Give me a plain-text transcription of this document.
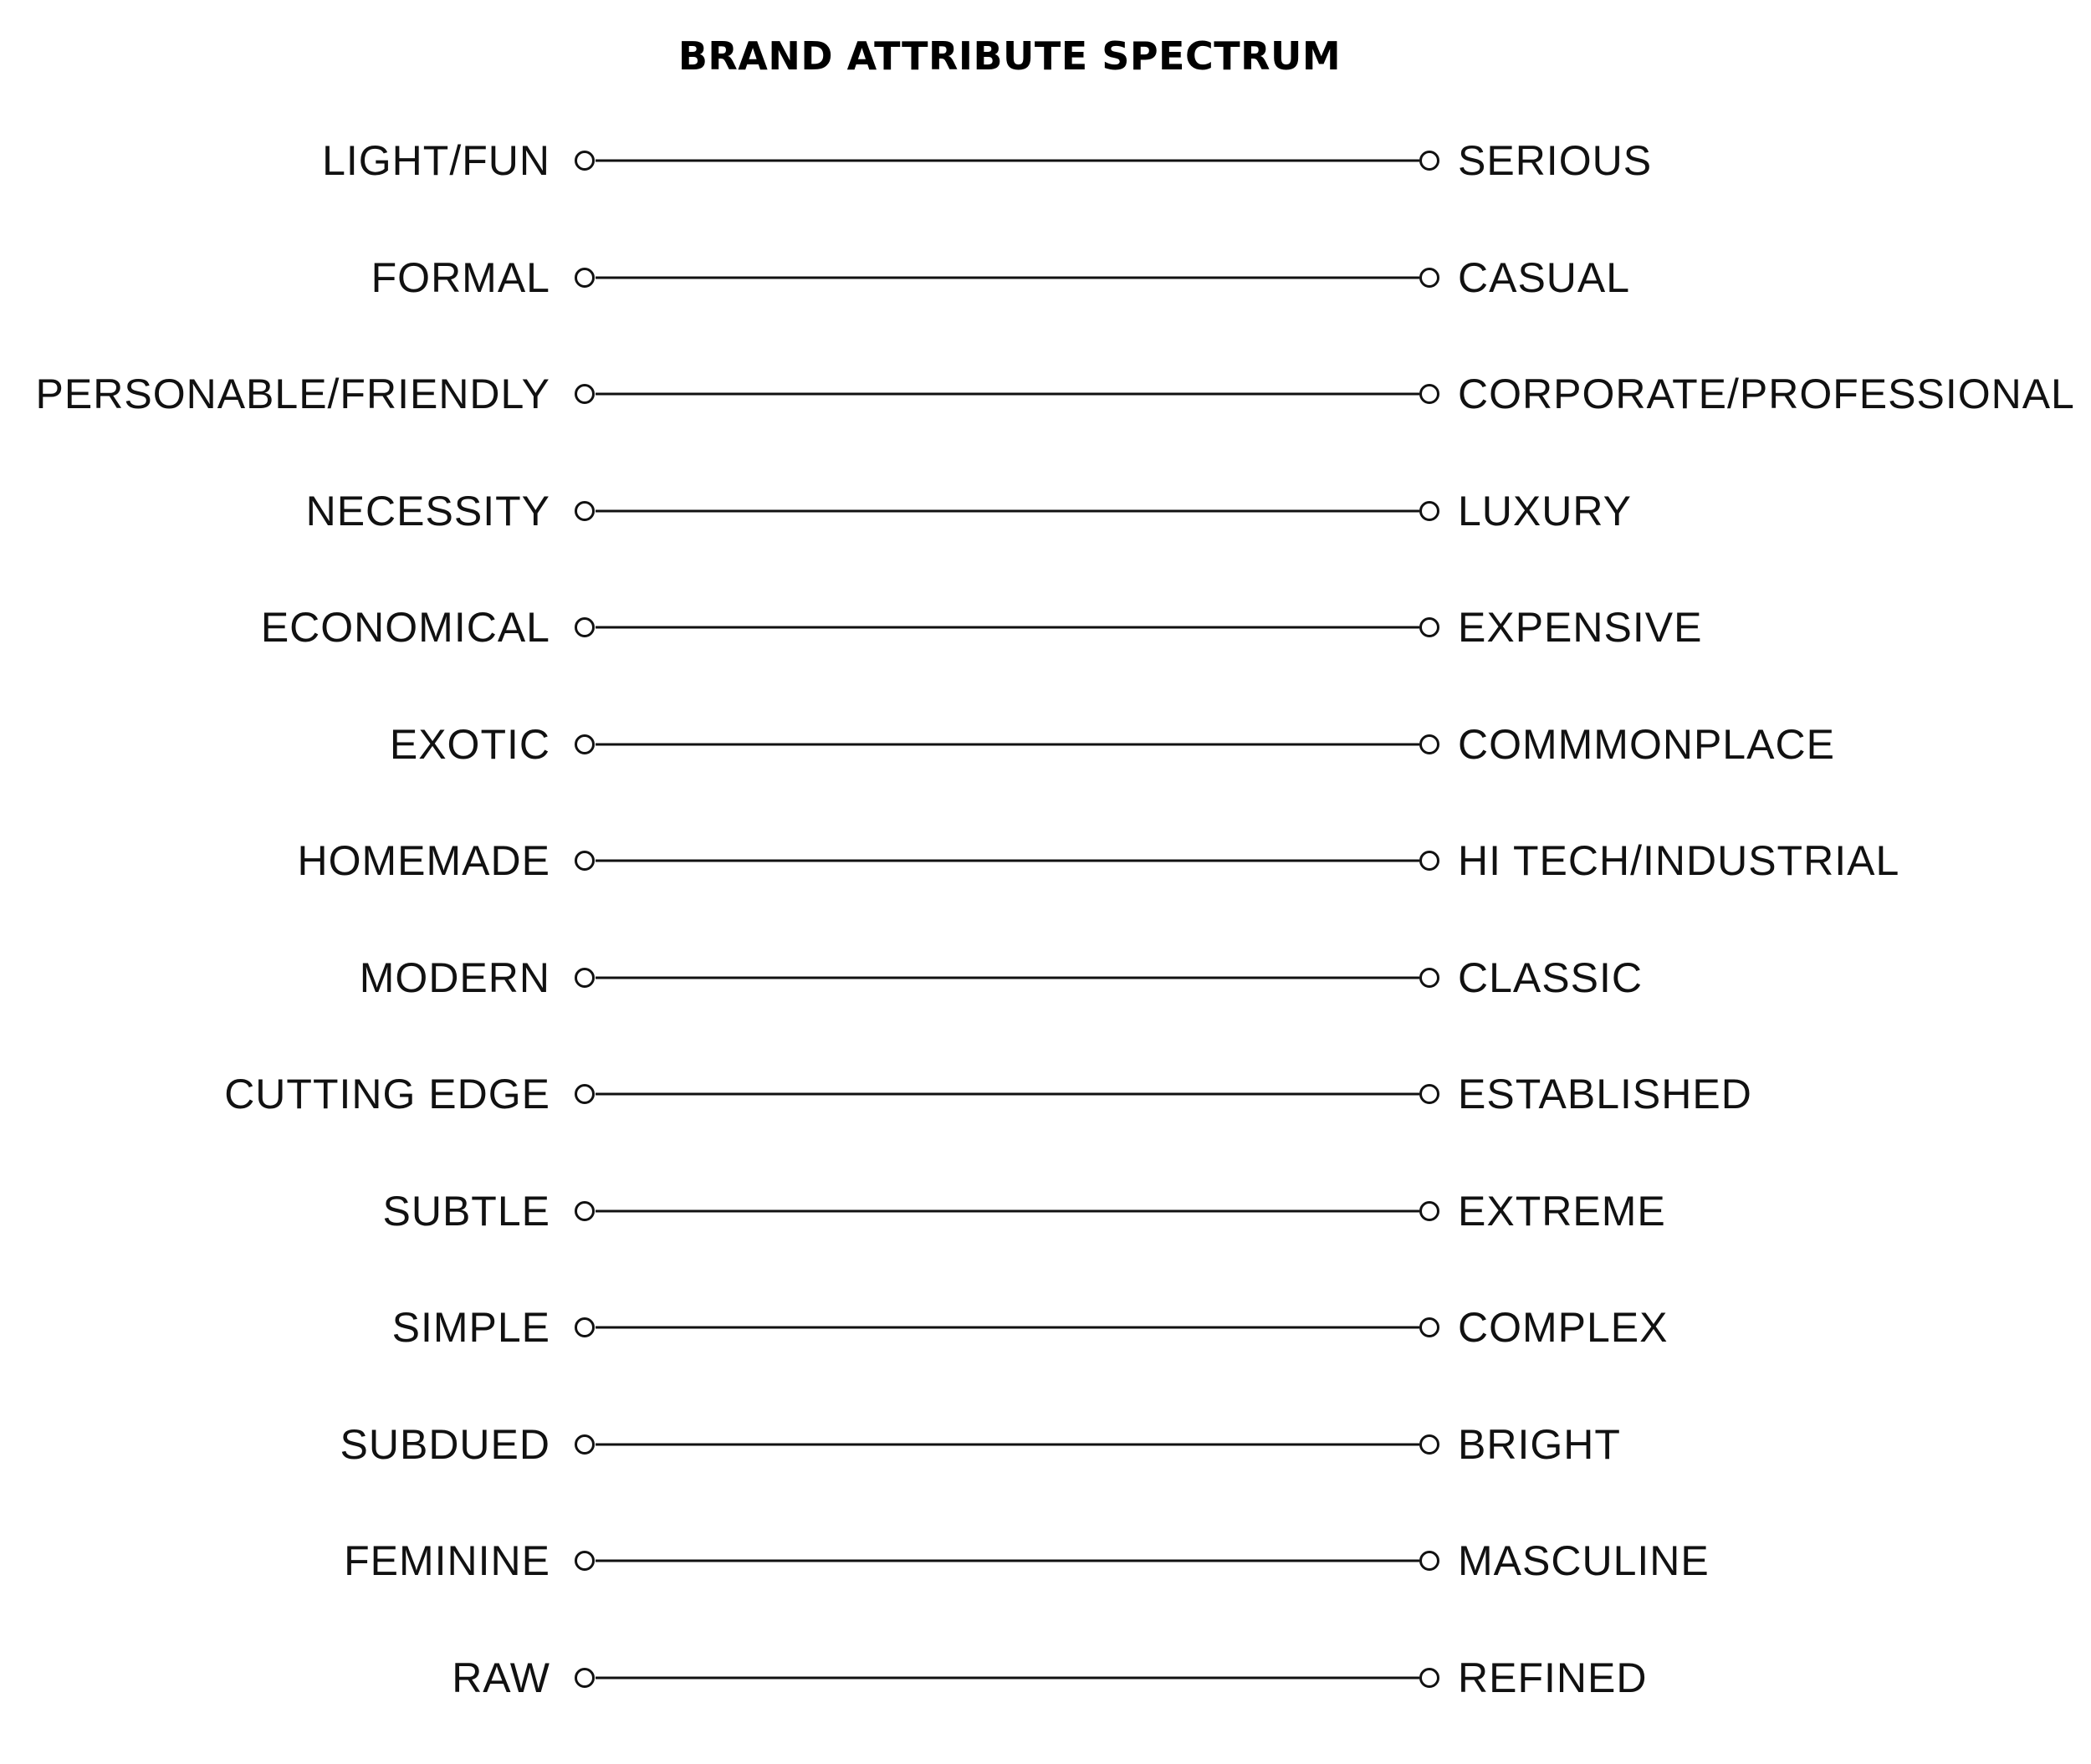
BRAND ATTRIBUTE SPECTRUM
LIGHT/FUN	SERIOUS
FORMAL	CASUAL
PERSONABLE/FRIENDLY	CORPORATE/PROFESSIONAL
NECESSITY	LUXURY
ECONOMICAL	EXPENSIVE
EXOTIC	COMMMONPLACE
HOMEMADE	HI TECH/INDUSTRIAL
MODERN	CLASSIC
CUTTING EDGE	ESTABLISHED
SUBTLE	EXTREME
SIMPLE	COMPLEX
SUBDUED	BRIGHT
FEMININE	MASCULINE
RAW	REFINED
